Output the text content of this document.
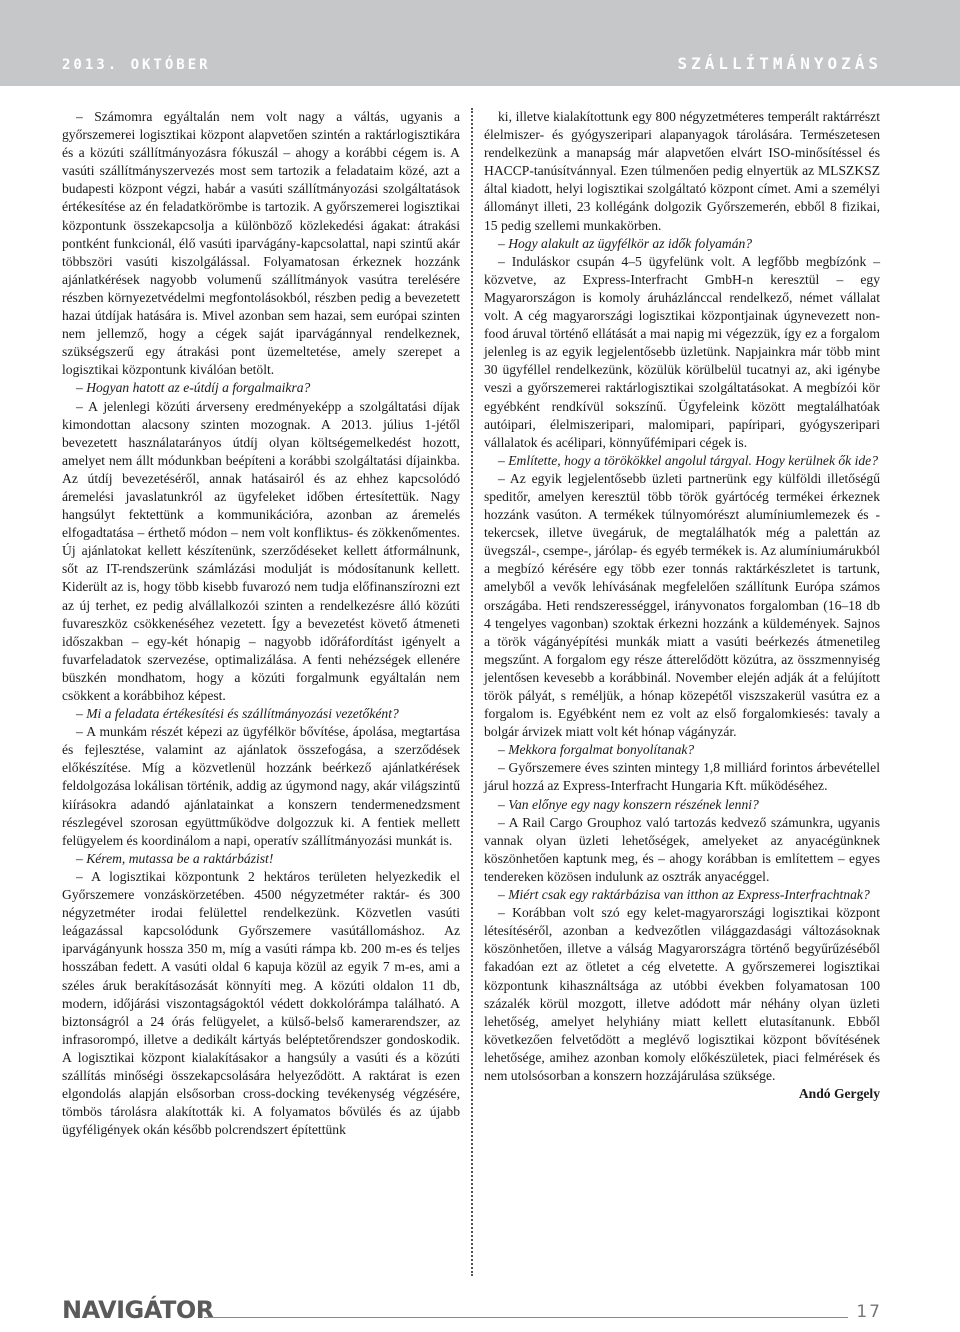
2013. OKTÓBER	SZÁLLÍTMÁNYOZÁS

– Számomra egyáltalán nem volt nagy a váltás, ugyanis a győrszemerei logisztikai központ alapvetően szintén a raktárlogisztikára és a közúti szállítmányozásra fókuszál – ahogy a korábbi cégem is. A vasúti szállítmányszervezés most sem tartozik a feladataim közé, azt a budapesti központ végzi, habár a vasúti szállítmányozási szolgáltatások értékesítése az én feladatkörömbe is tartozik. A győrszemerei logisztikai központunk összekapcsolja a különböző közlekedési ágakat: átrakási pontként funkcionál, élő vasúti iparvágány-kapcsolattal, napi szintű akár többszöri vasúti kiszolgálással. Folyamatosan érkeznek hozzánk ajánlatkérések nagyobb volumenű szállítmányok vasútra terelésére részben környezetvédelmi megfontolásokból, részben pedig a bevezetett hazai útdíjak hatására is. Mivel azonban sem hazai, sem európai szinten nem jellemző, hogy a cégek saját iparvágánnyal rendelkeznek, szükségszerű egy átrakási pont üzemeltetése, amely szerepet a logisztikai központunk kiválóan betölt.

– Hogyan hatott az e-útdíj a forgalmaikra?

– A jelenlegi közúti árverseny eredményeképp a szolgáltatási díjak kimondottan alacsony szinten mozognak. A 2013. július 1-jétől bevezetett használatarányos útdíj olyan költségemelkedést hozott, amelyet nem állt módunkban beépíteni a korábbi szolgáltatási díjainkba. Az útdíj bevezetéséről, annak hatásairól és az ehhez kapcsolódó áremelési javaslatunkról az ügyfeleket időben értesítettük. Nagy hangsúlyt fektettünk a kommunikációra, azonban az áremelés elfogadtatása – érthető módon – nem volt konfliktus- és zökkenőmentes. Új ajánlatokat kellett készítenünk, szerződéseket kellett átformálnunk, sőt az IT-rendszerünk számlázási modulját is módosítanunk kellett. Kiderült az is, hogy több kisebb fuvarozó nem tudja előfinanszírozni ezt az új terhet, ez pedig alvállalkozói szinten a rendelkezésre álló közúti fuvareszköz csökkenéséhez vezetett. Így a bevezetést követő átmeneti időszakban – egy-két hónapig – nagyobb időráfordítást igényelt a fuvarfeladatok szervezése, optimalizálása. A fenti nehézségek ellenére büszkén mondhatom, hogy a közúti forgalmunk egyáltalán nem csökkent a korábbihoz képest.

– Mi a feladata értékesítési és szállítmányozási vezetőként?

– A munkám részét képezi az ügyfélkör bővítése, ápolása, megtartása és fejlesztése, valamint az ajánlatok összefogása, a szerződések előkészítése. Míg a közvetlenül hozzánk beérkező ajánlatkérések feldolgozása lokálisan történik, addig az úgymond nagy, akár világszintű kiírásokra adandó ajánlatainkat a konszern tendermenedzsment részlegével szorosan együttműködve dolgozzuk ki. A fentiek mellett felügyelem és koordinálom a napi, operatív szállítmányozási munkát is.

– Kérem, mutassa be a raktárbázist!

– A logisztikai központunk 2 hektáros területen helyezkedik el Győrszemere vonzáskörzetében. 4500 négyzetméter raktár- és 300 négyzetméter irodai felülettel rendelkezünk. Közvetlen vasúti leágazással kapcsolódunk Győrszemere vasútállomáshoz. Az iparvágányunk hossza 350 m, míg a vasúti rámpa kb. 200 m-es és teljes hosszában fedett. A vasúti oldal 6 kapuja közül az egyik 7 m-es, ami a széles áruk berakításozását könnyíti meg. A közúti oldalon 11 db, modern, időjárási viszontagságoktól védett dokkolórámpa található. A biztonságról a 24 órás felügyelet, a külső-belső kamerarendszer, az infrasorompó, illetve a dedikált kártyás beléptetőrendszer gondoskodik. A logisztikai központ kialakításakor a hangsúly a vasúti és a közúti szállítás minőségi összekapcsolására helyeződött. A raktárat is ezen elgondolás alapján elsősorban cross-docking tevékenység végzésére, tömbös tárolásra alakították ki. A folyamatos bővülés és az újabb ügyféligények okán később polcrendszert építettünk

ki, illetve kialakítottunk egy 800 négyzetméteres temperált raktárrészt élelmiszer- és gyógyszeripari alapanyagok tárolására. Természetesen rendelkezünk a manapság már alapvetően elvárt ISO-minősítéssel és HACCP-tanúsítvánnyal. Ezen túlmenően pedig elnyertük az MLSZKSZ által kiadott, helyi logisztikai szolgáltató központ címet. Ami a személyi állományt illeti, 23 kollégánk dolgozik Győrszemerén, ebből 8 fizikai, 15 pedig szellemi munkakörben.

– Hogy alakult az ügyfélkör az idők folyamán?

– Induláskor csupán 4–5 ügyfelünk volt. A legfőbb megbízónk – közvetve, az Express-Interfracht GmbH-n keresztül – egy Magyarországon is komoly áruházlánccal rendelkező, német vállalat volt. A cég magyarországi logisztikai központjainak úgynevezett non-food áruval történő ellátását a mai napig mi végezzük, így ez a forgalom jelenleg is az egyik legjelentősebb üzletünk. Napjainkra már több mint 30 ügyféllel rendelkezünk, közülük körülbelül tucatnyi az, aki igénybe veszi a győrszemerei raktárlogisztikai szolgáltatásokat. A megbízói kör egyébként rendkívül sokszínű. Ügyfeleink között megtalálhatóak autóipari, élelmiszeripari, malomipari, papíripari, gyógyszeripari vállalatok és acélipari, könnyűfémipari cégek is.

– Említette, hogy a törökökkel angolul tárgyal. Hogy kerülnek ők ide?

– Az egyik legjelentősebb üzleti partnerünk egy külföldi illetőségű speditőr, amelyen keresztül több török gyártócég termékei érkeznek hozzánk vasúton. A termékek túlnyomórészt alumíniumlemezek és -tekercsek, illetve üvegáruk, de megtalálhatók még a palettán az üvegszál-, csempe-, járólap- és egyéb termékek is. Az alumíniumárukból a megbízó kérésére egy több ezer tonnás raktárkészletet is tartunk, amelyből a vevők lehívásának megfelelően szállítunk Európa számos országába. Heti rendszerességgel, irányvonatos forgalomban (16–18 db 4 tengelyes vagonban) szoktak érkezni hozzánk a küldemények. Sajnos a török vágányépítési munkák miatt a vasúti beérkezés átmenetileg megszűnt. A forgalom egy része átterelődött közútra, az összmennyiség jelentősen kevesebb a korábbinál. November elején adják át a felújított török pályát, s reméljük, a hónap közepétől viszszakerül vasútra ez a forgalom is. Egyébként nem ez volt az első forgalomkiesés: tavaly a bolgár árvizek miatt volt két hónap vágányzár.

– Mekkora forgalmat bonyolítanak?

– Győrszemere éves szinten mintegy 1,8 milliárd forintos árbevétellel járul hozzá az Express-Interfracht Hungaria Kft. működéséhez.

– Van előnye egy nagy konszern részének lenni?

– A Rail Cargo Grouphoz való tartozás kedvező számunkra, ugyanis vannak olyan üzleti lehetőségek, amelyeket az anyacégünknek köszönhetően kaptunk meg, és – ahogy korábban is említettem – egyes tendereken közösen indulunk az osztrák anyacéggel.

– Miért csak egy raktárbázisa van itthon az Express-Interfrachtnak?

– Korábban volt szó egy kelet-magyarországi logisztikai központ létesítéséről, azonban a kedvezőtlen világgazdasági változásoknak köszönhetően, illetve a válság Magyarországra történő begyűrűzéséből fakadóan ezt az ötletet a cég elvetette. A győrszemerei logisztikai központunk kihasználtsága az utóbbi években folyamatosan 100 százalék körül mozgott, illetve adódott már néhány olyan üzleti lehetőség, amelyet helyhiány miatt kellett elutasítanunk. Ebből következően felvetődött a meglévő logisztikai központ bővítésének lehetősége, amihez azonban komoly előkészületek, piaci felmérések és nem utolsósorban a konszern hozzájárulása szüksége.

Andó Gergely

NAVIGÁTOR	17
